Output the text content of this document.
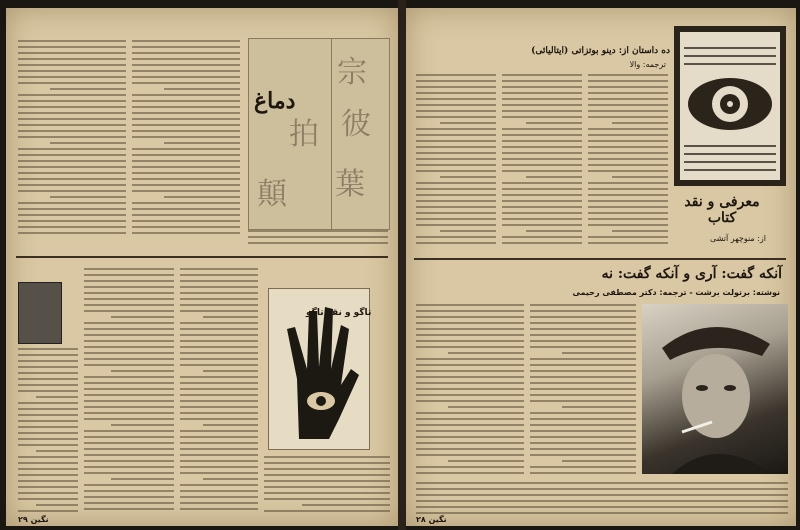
宗
彼
葉
拍
顛
دماغ
تاگو و نقد تاگو
۲۹ نگین
ده داستان از: دینو بوتزاتی (ایتالیائی)
ترجمه: والا
معرفی و نقد کتاب
از: منوچهر آتشی
آنکه گفت: آری و آنکه گفت: نه
نوشته: برتولت برشت - ترجمه: دکتر مصطفی رحیمی
۲۸ نگین
